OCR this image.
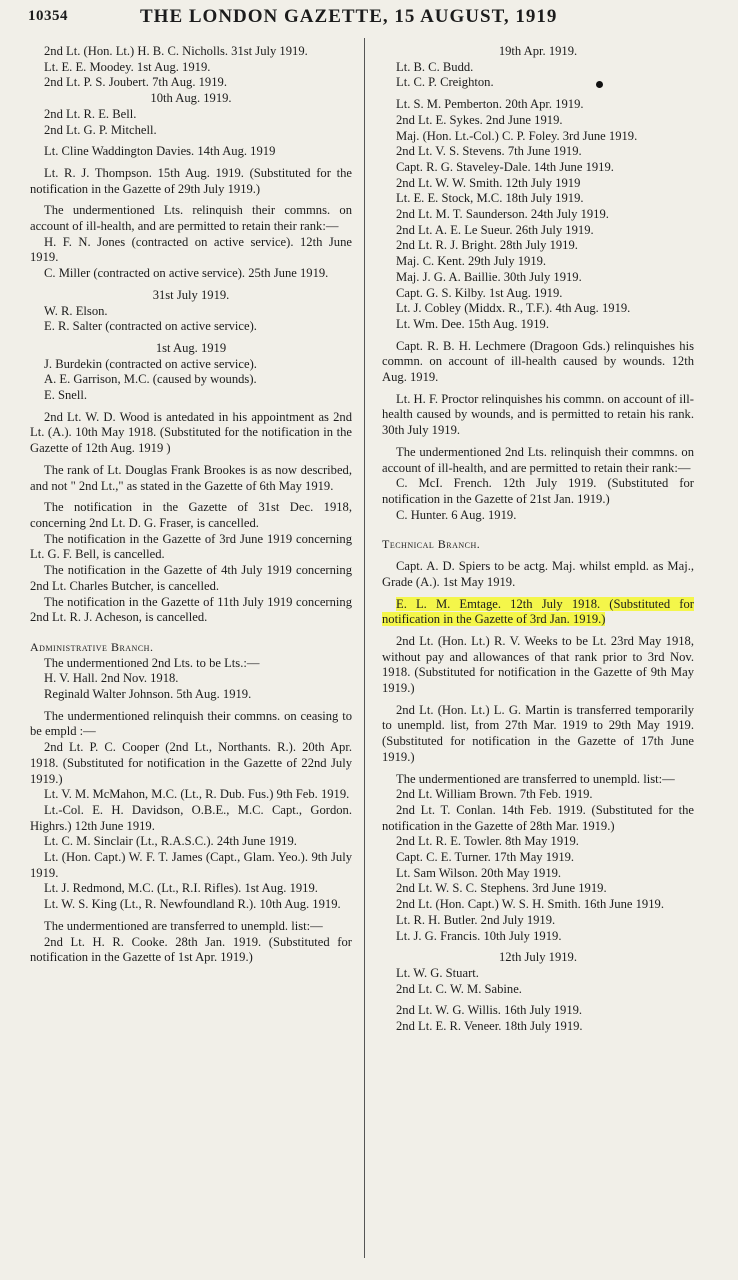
10354	THE LONDON GAZETTE, 15 AUGUST, 1919

2nd Lt. (Hon. Lt.) H. B. C. Nicholls. 31st July 1919.

Lt. E. E. Moodey. 1st Aug. 1919.

2nd Lt. P. S. Joubert. 7th Aug. 1919.

10th Aug. 1919.

2nd Lt. R. E. Bell.

2nd Lt. G. P. Mitchell.

Lt. Cline Waddington Davies. 14th Aug. 1919

Lt. R. J. Thompson. 15th Aug. 1919. (Substituted for the notification in the Gazette of 29th July 1919.)

The undermentioned Lts. relinquish their commns. on account of ill-health, and are permitted to retain their rank:—

H. F. N. Jones (contracted on active service). 12th June 1919.

C. Miller (contracted on active service). 25th June 1919.

31st July 1919.

W. R. Elson.

E. R. Salter (contracted on active service).

1st Aug. 1919

J. Burdekin (contracted on active service).

A. E. Garrison, M.C. (caused by wounds).

E. Snell.

2nd Lt. W. D. Wood is antedated in his appointment as 2nd Lt. (A.). 10th May 1918. (Substituted for the notification in the Gazette of 12th Aug. 1919 )

The rank of Lt. Douglas Frank Brookes is as now described, and not " 2nd Lt.," as stated in the Gazette of 6th May 1919.

The notification in the Gazette of 31st Dec. 1918, concerning 2nd Lt. D. G. Fraser, is cancelled.

The notification in the Gazette of 3rd June 1919 concerning Lt. G. F. Bell, is cancelled.

The notification in the Gazette of 4th July 1919 concerning 2nd Lt. Charles Butcher, is cancelled.

The notification in the Gazette of 11th July 1919 concerning 2nd Lt. R. J. Acheson, is cancelled.

Administrative Branch.

The undermentioned 2nd Lts. to be Lts.:—

H. V. Hall. 2nd Nov. 1918.

Reginald Walter Johnson. 5th Aug. 1919.

The undermentioned relinquish their commns. on ceasing to be empld :—

2nd Lt. P. C. Cooper (2nd Lt., Northants. R.). 20th Apr. 1918. (Substituted for notification in the Gazette of 22nd July 1919.)

Lt. V. M. McMahon, M.C. (Lt., R. Dub. Fus.) 9th Feb. 1919.

Lt.-Col. E. H. Davidson, O.B.E., M.C. Capt., Gordon. Highrs.) 12th June 1919.

Lt. C. M. Sinclair (Lt., R.A.S.C.). 24th June 1919.

Lt. (Hon. Capt.) W. F. T. James (Capt., Glam. Yeo.). 9th July 1919.

Lt. J. Redmond, M.C. (Lt., R.I. Rifles). 1st Aug. 1919.

Lt. W. S. King (Lt., R. Newfoundland R.). 10th Aug. 1919.

The undermentioned are transferred to unempld. list:—

2nd Lt. H. R. Cooke. 28th Jan. 1919. (Substituted for notification in the Gazette of 1st Apr. 1919.)

19th Apr. 1919.

Lt. B. C. Budd.

Lt. C. P. Creighton.

Lt. S. M. Pemberton. 20th Apr. 1919.

2nd Lt. E. Sykes. 2nd June 1919.

Maj. (Hon. Lt.-Col.) C. P. Foley. 3rd June 1919.

2nd Lt. V. S. Stevens. 7th June 1919.

Capt. R. G. Staveley-Dale. 14th June 1919.

2nd Lt. W. W. Smith. 12th July 1919

Lt. E. E. Stock, M.C. 18th July 1919.

2nd Lt. M. T. Saunderson. 24th July 1919.

2nd Lt. A. E. Le Sueur. 26th July 1919.

2nd Lt. R. J. Bright. 28th July 1919.

Maj. C. Kent. 29th July 1919.

Maj. J. G. A. Baillie. 30th July 1919.

Capt. G. S. Kilby. 1st Aug. 1919.

Lt. J. Cobley (Middx. R., T.F.). 4th Aug. 1919.

Lt. Wm. Dee. 15th Aug. 1919.

Capt. R. B. H. Lechmere (Dragoon Gds.) relinquishes his commn. on account of ill-health caused by wounds. 12th Aug. 1919.

Lt. H. F. Proctor relinquishes his commn. on account of ill-health caused by wounds, and is permitted to retain his rank. 30th July 1919.

The undermentioned 2nd Lts. relinquish their commns. on account of ill-health, and are permitted to retain their rank:—

C. McI. French. 12th July 1919. (Substituted for notification in the Gazette of 21st Jan. 1919.)

C. Hunter. 6 Aug. 1919.

Technical Branch.

Capt. A. D. Spiers to be actg. Maj. whilst empld. as Maj., Grade (A.). 1st May 1919.

E. L. M. Emtage. 12th July 1918. (Substituted for notification in the Gazette of 3rd Jan. 1919.)

2nd Lt. (Hon. Lt.) R. V. Weeks to be Lt. 23rd May 1918, without pay and allowances of that rank prior to 3rd Nov. 1918. (Substituted for notification in the Gazette of 9th May 1919.)

2nd Lt. (Hon. Lt.) L. G. Martin is transferred temporarily to unempld. list, from 27th Mar. 1919 to 29th May 1919. (Substituted for notification in the Gazette of 17th June 1919.)

The undermentioned are transferred to unempld. list:—

2nd Lt. William Brown. 7th Feb. 1919.

2nd Lt. T. Conlan. 14th Feb. 1919. (Substituted for the notification in the Gazette of 28th Mar. 1919.)

2nd Lt. R. E. Towler. 8th May 1919.

Capt. C. E. Turner. 17th May 1919.

Lt. Sam Wilson. 20th May 1919.

2nd Lt. W. S. C. Stephens. 3rd June 1919.

2nd Lt. (Hon. Capt.) W. S. H. Smith. 16th June 1919.

Lt. R. H. Butler. 2nd July 1919.

Lt. J. G. Francis. 10th July 1919.

12th July 1919.

Lt. W. G. Stuart.

2nd Lt. C. W. M. Sabine.

2nd Lt. W. G. Willis. 16th July 1919.

2nd Lt. E. R. Veneer. 18th July 1919.
